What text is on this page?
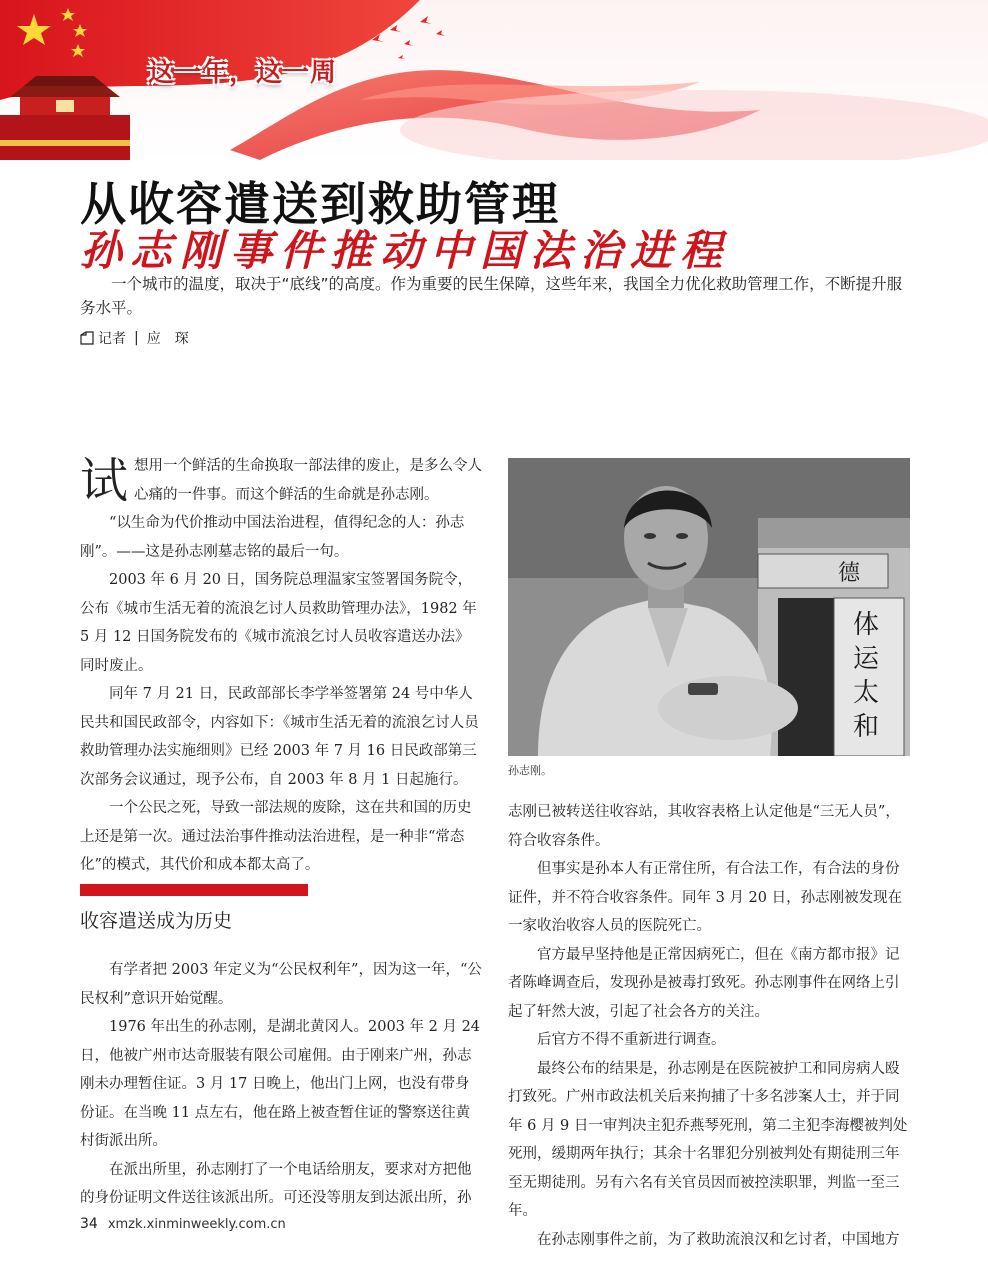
这一年，这一周
从收容遣送到救助管理
孙志刚事件推动中国法治进程

一个城市的温度，取决于“底线”的高度。作为重要的民生保障，这些年来，我国全力优化救助管理工作，不断提升服务水平。

记者 | 应　琛

试想用一个鲜活的生命换取一部法律的废止，是多么令人心痛的一件事。而这个鲜活的生命就是孙志刚。

“以生命为代价推动中国法治进程，值得纪念的人：孙志刚”。——这是孙志刚墓志铭的最后一句。

2003 年 6 月 20 日，国务院总理温家宝签署国务院令，公布《城市生活无着的流浪乞讨人员救助管理办法》，1982 年 5 月 12 日国务院发布的《城市流浪乞讨人员收容遣送办法》同时废止。

同年 7 月 21 日，民政部部长李学举签署第 24 号中华人民共和国民政部令，内容如下：《城市生活无着的流浪乞讨人员救助管理办法实施细则》已经 2003 年 7 月 16 日民政部第三次部务会议通过，现予公布，自 2003 年 8 月 1 日起施行。

一个公民之死，导致一部法规的废除，这在共和国的历史上还是第一次。通过法治事件推动法治进程，是一种非“常态化”的模式，其代价和成本都太高了。

收容遣送成为历史

有学者把 2003 年定义为“公民权利年”，因为这一年，“公民权利”意识开始觉醒。

1976 年出生的孙志刚，是湖北黄冈人。2003 年 2 月 24 日，他被广州市达奇服装有限公司雇佣。由于刚来广州，孙志刚未办理暂住证。3 月 17 日晚上，他出门上网，也没有带身份证。在当晚 11 点左右，他在路上被查暂住证的警察送往黄村街派出所。

在派出所里，孙志刚打了一个电话给朋友，要求对方把他的身份证明文件送往该派出所。可还没等朋友到达派出所，孙

德
体 运 太 和
孙志刚。

志刚已被转送往收容站，其收容表格上认定他是“三无人员”，符合收容条件。

但事实是孙本人有正常住所，有合法工作，有合法的身份证件，并不符合收容条件。同年 3 月 20 日，孙志刚被发现在一家收治收容人员的医院死亡。

官方最早坚持他是正常因病死亡，但在《南方都市报》记者陈峰调查后，发现孙是被毒打致死。孙志刚事件在网络上引起了轩然大波，引起了社会各方的关注。

后官方不得不重新进行调查。

最终公布的结果是，孙志刚是在医院被护工和同房病人殴打致死。广州市政法机关后来拘捕了十多名涉案人士，并于同年 6 月 9 日一审判决主犯乔燕琴死刑，第二主犯李海樱被判处死刑，缓期两年执行；其余十名罪犯分别被判处有期徒刑三年至无期徒刑。另有六名有关官员因而被控渎职罪，判监一至三年。

在孙志刚事件之前，为了救助流浪汉和乞讨者，中国地方

34 xmzk.xinminweekly.com.cn
